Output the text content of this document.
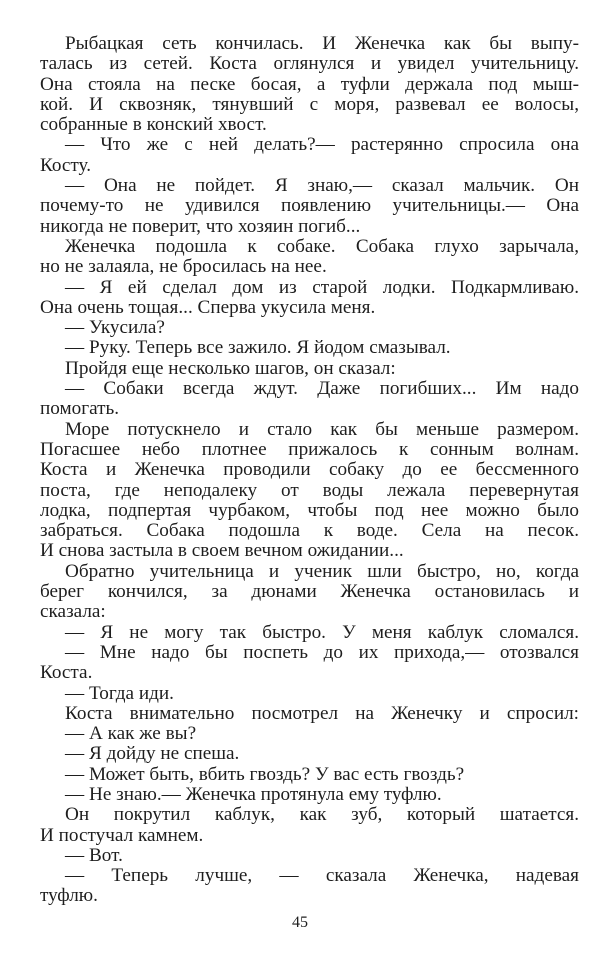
Рыбацкая сеть кончилась. И Женечка как бы выпу-
талась из сетей. Коста оглянулся и увидел учительницу.
Она стояла на песке босая, а туфли держала под мыш-
кой. И сквозняк, тянувший с моря, развевал ее волосы,
собранные в конский хвост.
— Что же с ней делать?— растерянно спросила она
Косту.
— Она не пойдет. Я знаю,— сказал мальчик. Он
почему-то не удивился появлению учительницы.— Она
никогда не поверит, что хозяин погиб...
Женечка подошла к собаке. Собака глухо зарычала,
но не залаяла, не бросилась на нее.
— Я ей сделал дом из старой лодки. Подкармливаю.
Она очень тощая... Сперва укусила меня.
— Укусила?
— Руку. Теперь все зажило. Я йодом смазывал.
Пройдя еще несколько шагов, он сказал:
— Собаки всегда ждут. Даже погибших... Им надо
помогать.
Море потускнело и стало как бы меньше размером.
Погасшее небо плотнее прижалось к сонным волнам.
Коста и Женечка проводили собаку до ее бессменного
поста, где неподалеку от воды лежала перевернутая
лодка, подпертая чурбаком, чтобы под нее можно было
забраться. Собака подошла к воде. Села на песок.
И снова застыла в своем вечном ожидании...
Обратно учительница и ученик шли быстро, но, когда
берег кончился, за дюнами Женечка остановилась и
сказала:
— Я не могу так быстро. У меня каблук сломался.
— Мне надо бы поспеть до их прихода,— отозвался
Коста.
— Тогда иди.
Коста внимательно посмотрел на Женечку и спросил:
— А как же вы?
— Я дойду не спеша.
— Может быть, вбить гвоздь? У вас есть гвоздь?
— Не знаю.— Женечка протянула ему туфлю.
Он покрутил каблук, как зуб, который шатается.
И постучал камнем.
— Вот.
— Теперь лучше, — сказала Женечка, надевая
туфлю.
45
